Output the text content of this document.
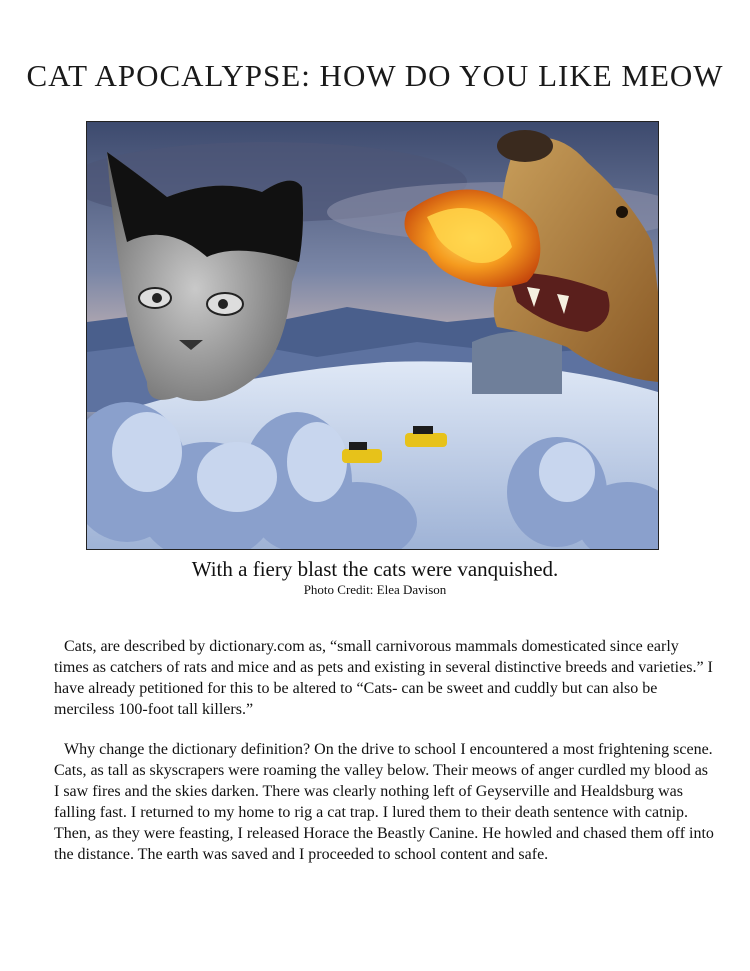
CAT APOCALYPSE: HOW DO YOU LIKE MEOW
With a fiery blast the cats were vanquished.
Photo Credit: Elea Davison

Cats, are described by dictionary.com as, “small carnivorous mammals domesticated since early times as catchers of rats and mice and as pets and existing in several distinctive breeds and varieties.” I have already petitioned for this to be altered to “Cats- can be sweet and cuddly but can also be merciless 100-foot tall killers.”

Why change the dictionary definition? On the drive to school I encountered a most frightening scene. Cats, as tall as skyscrapers were roaming the valley below. Their meows of anger curdled my blood as I saw fires and the skies darken. There was clearly nothing left of Geyserville and Healdsburg was falling fast. I returned to my home to rig a cat trap. I lured them to their death sentence with catnip. Then, as they were feasting, I released Horace the Beastly Canine. He howled and chased them off into the distance. The earth was saved and I proceeded to school content and safe.
